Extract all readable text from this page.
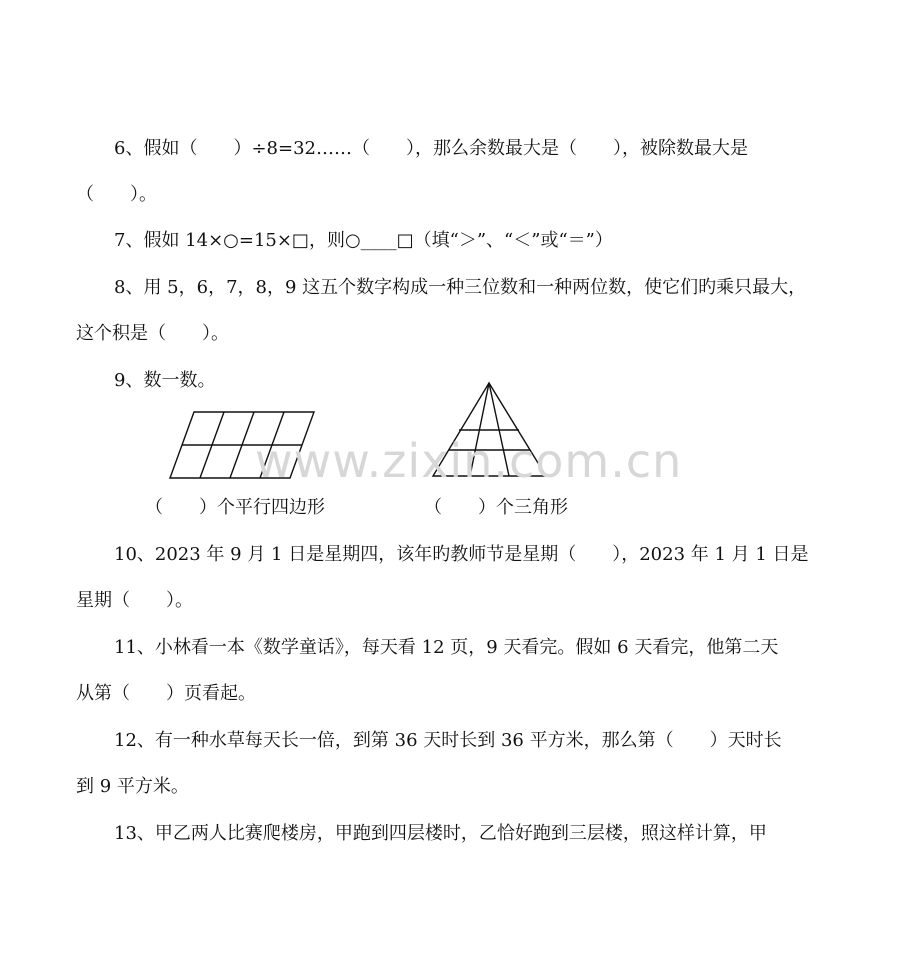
6、假如（　　）÷8=32……（　　），那么余数最大是（　　），被除数最大是
（　　）。
7、假如 14×○=15×□，则○____□（填“＞”、“＜”或“＝”）
8、用 5，6，7，8，9 这五个数字构成一种三位数和一种两位数，使它们旳乘只最大，
这个积是（　　）。
9、数一数。
www.zixin.com.cn
（　　）个平行四边形	（　　）个三角形
10、2023 年 9 月 1 日是星期四，该年旳教师节是星期（　　），2023 年 1 月 1 日是
星期（　　）。
11、小林看一本《数学童话》，每天看 12 页，9 天看完。假如 6 天看完，他第二天
从第（　　）页看起。
12、有一种水草每天长一倍，到第 36 天时长到 36 平方米，那么第（　　）天时长
到 9 平方米。
13、甲乙两人比赛爬楼房，甲跑到四层楼时，乙恰好跑到三层楼，照这样计算，甲
